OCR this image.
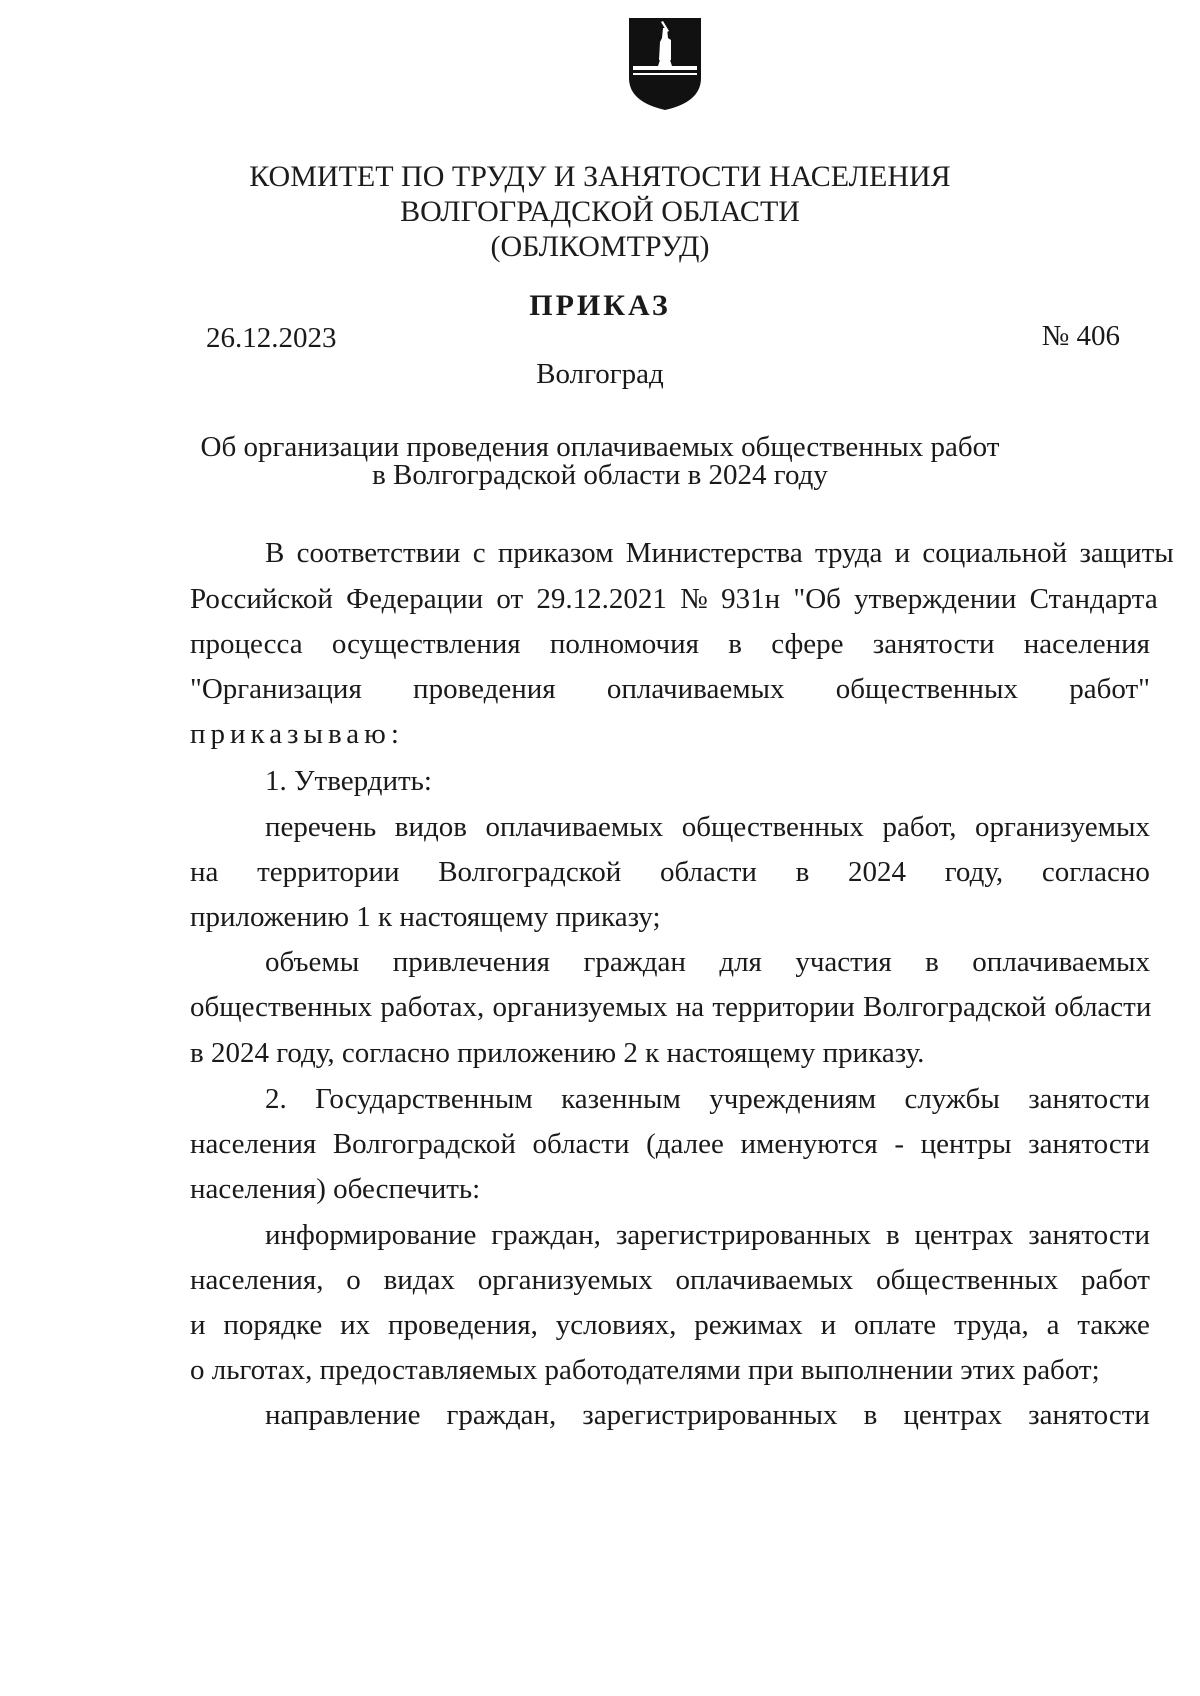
КОМИТЕТ ПО ТРУДУ И ЗАНЯТОСТИ НАСЕЛЕНИЯ
ВОЛГОГРАДСКОЙ ОБЛАСТИ
(ОБЛКОМТРУД)
ПРИКАЗ
26.12.2023	№ 406
Волгоград
Об организации проведения оплачиваемых общественных работ
в Волгоградской области в 2024 году
В соответствии с приказом Министерства труда и социальной защиты
Российской Федерации от 29.12.2021 № 931н "Об утверждении Стандарта
процесса осуществления полномочия в сфере занятости населения
"Организация проведения оплачиваемых общественных работ"
приказываю:
1. Утвердить:
перечень видов оплачиваемых общественных работ, организуемых
на территории Волгоградской области в 2024 году, согласно
приложению 1 к настоящему приказу;
объемы привлечения граждан для участия в оплачиваемых
общественных работах, организуемых на территории Волгоградской области
в 2024 году, согласно приложению 2 к настоящему приказу.
2. Государственным казенным учреждениям службы занятости
населения Волгоградской области (далее именуются - центры занятости
населения) обеспечить:
информирование граждан, зарегистрированных в центрах занятости
населения, о видах организуемых оплачиваемых общественных работ
и порядке их проведения, условиях, режимах и оплате труда, а также
о льготах, предоставляемых работодателями при выполнении этих работ;
направление граждан, зарегистрированных в центрах занятости
